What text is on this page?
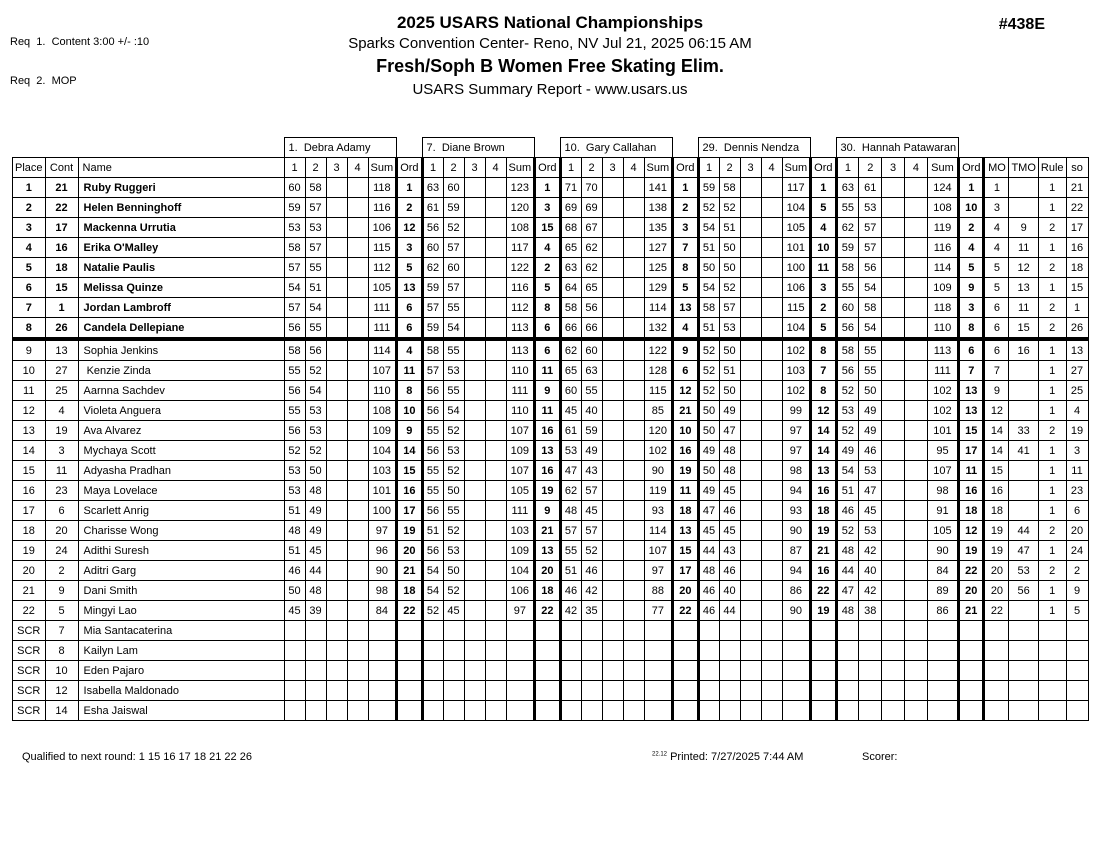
Req  1.  Content 3:00 +/- :10

Req  2.  MOP

2025 USARS National Championships
Sparks Convention Center- Reno, NV Jul 21, 2025 06:15 AM
Fresh/Soph B Women Free Skating Elim.
USARS Summary Report - www.usars.us
#438E
			1.  Debra Adamy						7.  Diane Brown						10.  Gary Callahan						29.  Dennis Nendza						30.  Hannah Patawaran									
Place	Cont	Name	1	2	3	4	Sum	Ord	1	2	3	4	Sum	Ord	1	2	3	4	Sum	Ord	1	2	3	4	Sum	Ord	1	2	3	4	Sum	Ord	MO	TMO	Rule	so
1	21	Ruby Ruggeri	60	58			118	1	63	60			123	1	71	70			141	1	59	58			117	1	63	61			124	1	1		1	21
2	22	Helen Benninghoff	59	57			116	2	61	59			120	3	69	69			138	2	52	52			104	5	55	53			108	10	3		1	22
3	17	Mackenna Urrutia	53	53			106	12	56	52			108	15	68	67			135	3	54	51			105	4	62	57			119	2	4	9	2	17
4	16	Erika O'Malley	58	57			115	3	60	57			117	4	65	62			127	7	51	50			101	10	59	57			116	4	4	11	1	16
5	18	Natalie Paulis	57	55			112	5	62	60			122	2	63	62			125	8	50	50			100	11	58	56			114	5	5	12	2	18
6	15	Melissa Quinze	54	51			105	13	59	57			116	5	64	65			129	5	54	52			106	3	55	54			109	9	5	13	1	15
7	1	Jordan Lambroff	57	54			111	6	57	55			112	8	58	56			114	13	58	57			115	2	60	58			118	3	6	11	2	1
8	26	Candela Dellepiane	56	55			111	6	59	54			113	6	66	66			132	4	51	53			104	5	56	54			110	8	6	15	2	26
9	13	Sophia Jenkins	58	56			114	4	58	55			113	6	62	60			122	9	52	50			102	8	58	55			113	6	6	16	1	13
10	27	Kenzie Zinda	55	52			107	11	57	53			110	11	65	63			128	6	52	51			103	7	56	55			111	7	7		1	27
11	25	Aarnna Sachdev	56	54			110	8	56	55			111	9	60	55			115	12	52	50			102	8	52	50			102	13	9		1	25
12	4	Violeta Anguera	55	53			108	10	56	54			110	11	45	40			85	21	50	49			99	12	53	49			102	13	12		1	4
13	19	Ava Alvarez	56	53			109	9	55	52			107	16	61	59			120	10	50	47			97	14	52	49			101	15	14	33	2	19
14	3	Mychaya Scott	52	52			104	14	56	53			109	13	53	49			102	16	49	48			97	14	49	46			95	17	14	41	1	3
15	11	Adyasha Pradhan	53	50			103	15	55	52			107	16	47	43			90	19	50	48			98	13	54	53			107	11	15		1	11
16	23	Maya Lovelace	53	48			101	16	55	50			105	19	62	57			119	11	49	45			94	16	51	47			98	16	16		1	23
17	6	Scarlett Anrig	51	49			100	17	56	55			111	9	48	45			93	18	47	46			93	18	46	45			91	18	18		1	6
18	20	Charisse Wong	48	49			97	19	51	52			103	21	57	57			114	13	45	45			90	19	52	53			105	12	19	44	2	20
19	24	Adithi Suresh	51	45			96	20	56	53			109	13	55	52			107	15	44	43			87	21	48	42			90	19	19	47	1	24
20	2	Aditri Garg	46	44			90	21	54	50			104	20	51	46			97	17	48	46			94	16	44	40			84	22	20	53	2	2
21	9	Dani Smith	50	48			98	18	54	52			106	18	46	42			88	20	46	40			86	22	47	42			89	20	20	56	1	9
22	5	Mingyi Lao	45	39			84	22	52	45			97	22	42	35			77	22	46	44			90	19	48	38			86	21	22		1	5
SCR	7	Mia Santacaterina																																		
SCR	8	Kailyn Lam																																		
SCR	10	Eden Pajaro																																		
SCR	12	Isabella Maldonado																																		
SCR	14	Esha Jaiswal																																		
Qualified to next round: 1 15 16 17 18 21 22 26	$^{22.12}$ Printed: 7/27/2025 7:44 AM	Scorer:
